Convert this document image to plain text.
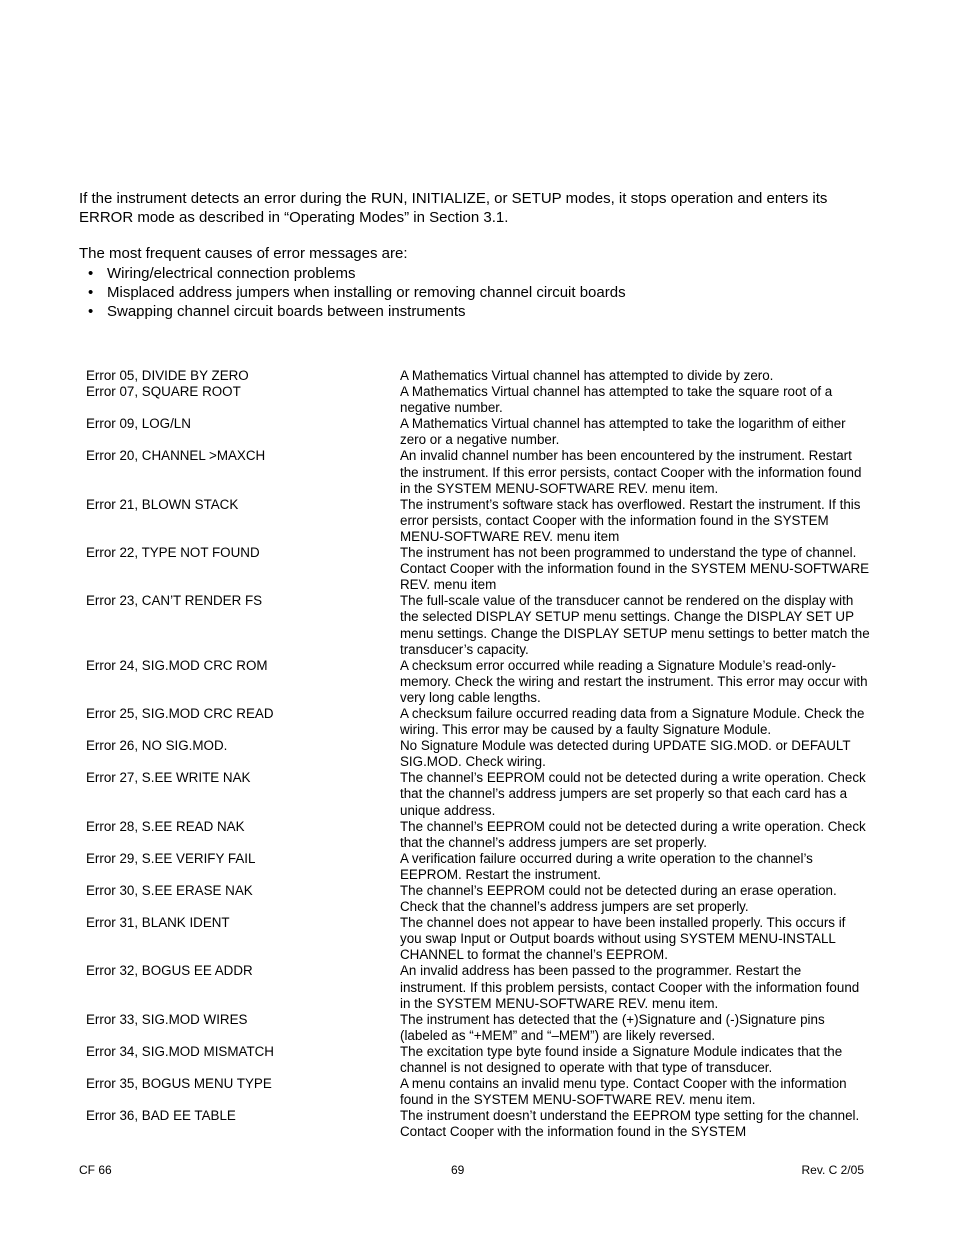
If the instrument detects an error during the RUN, INITIALIZE, or SETUP modes, it stops operation and enters its ERROR mode as described in “Operating Modes” in Section 3.1.

The most frequent causes of error messages are:
• Wiring/electrical connection problems
• Misplaced address jumpers when installing or removing channel circuit boards
• Swapping channel circuit boards between instruments
Error 05, DIVIDE BY ZERO	A Mathematics Virtual channel has attempted to divide by zero.
Error 07, SQUARE ROOT	A Mathematics Virtual channel has attempted to take the square root of a negative number.
Error 09, LOG/LN	A Mathematics Virtual channel has attempted to take the logarithm of either zero or a negative number.
Error 20, CHANNEL >MAXCH	An invalid channel number has been encountered by the instrument. Restart the instrument. If this error persists, contact Cooper with the information found in the SYSTEM MENU-SOFTWARE REV. menu item.
Error 21, BLOWN STACK	The instrument’s software stack has overflowed. Restart the instrument. If this error persists, contact Cooper with the information found in the SYSTEM MENU-SOFTWARE REV. menu item
Error 22, TYPE NOT FOUND	The instrument has not been programmed to understand the type of channel. Contact Cooper with the information found in the SYSTEM MENU-SOFTWARE REV. menu item
Error 23, CAN’T RENDER FS	The full-scale value of the transducer cannot be rendered on the display with the selected DISPLAY SETUP menu settings. Change the DISPLAY SET UP menu settings. Change the DISPLAY SETUP menu settings to better match the transducer’s capacity.
Error 24, SIG.MOD CRC ROM	A checksum error occurred while reading a Signature Module’s read-only-memory. Check the wiring and restart the instrument. This error may occur with very long cable lengths.
Error 25, SIG.MOD CRC READ	A checksum failure occurred reading data from a Signature Module. Check the wiring. This error may be caused by a faulty Signature Module.
Error 26, NO SIG.MOD.	No Signature Module was detected during UPDATE SIG.MOD. or DEFAULT SIG.MOD. Check wiring.
Error 27, S.EE WRITE NAK	The channel’s EEPROM could not be detected during a write operation. Check that the channel’s address jumpers are set properly so that each card has a unique address.
Error 28, S.EE READ NAK	The channel’s EEPROM could not be detected during a write operation. Check that the channel’s address jumpers are set properly.
Error 29, S.EE VERIFY FAIL	A verification failure occurred during a write operation to the channel’s EEPROM. Restart the instrument.
Error 30, S.EE ERASE NAK	The channel’s EEPROM could not be detected during an erase operation. Check that the channel’s address jumpers are set properly.
Error 31, BLANK IDENT	The channel does not appear to have been installed properly. This occurs if you swap Input or Output boards without using SYSTEM MENU-INSTALL CHANNEL to format the channel’s EEPROM.
Error 32, BOGUS EE ADDR	An invalid address has been passed to the programmer. Restart the instrument. If this problem persists, contact Cooper with the information found in the SYSTEM MENU-SOFTWARE REV. menu item.
Error 33, SIG.MOD WIRES	The instrument has detected that the (+)Signature and (-)Signature pins (labeled as “+MEM” and “–MEM”) are likely reversed.
Error 34, SIG.MOD MISMATCH	The excitation type byte found inside a Signature Module indicates that the channel is not designed to operate with that type of transducer.
Error 35, BOGUS MENU TYPE	A menu contains an invalid menu type. Contact Cooper with the information found in the SYSTEM MENU-SOFTWARE REV. menu item.
Error 36, BAD EE TABLE	The instrument doesn’t understand the EEPROM type setting for the channel. Contact Cooper with the information found in the SYSTEM
CF 66	69	Rev. C 2/05
